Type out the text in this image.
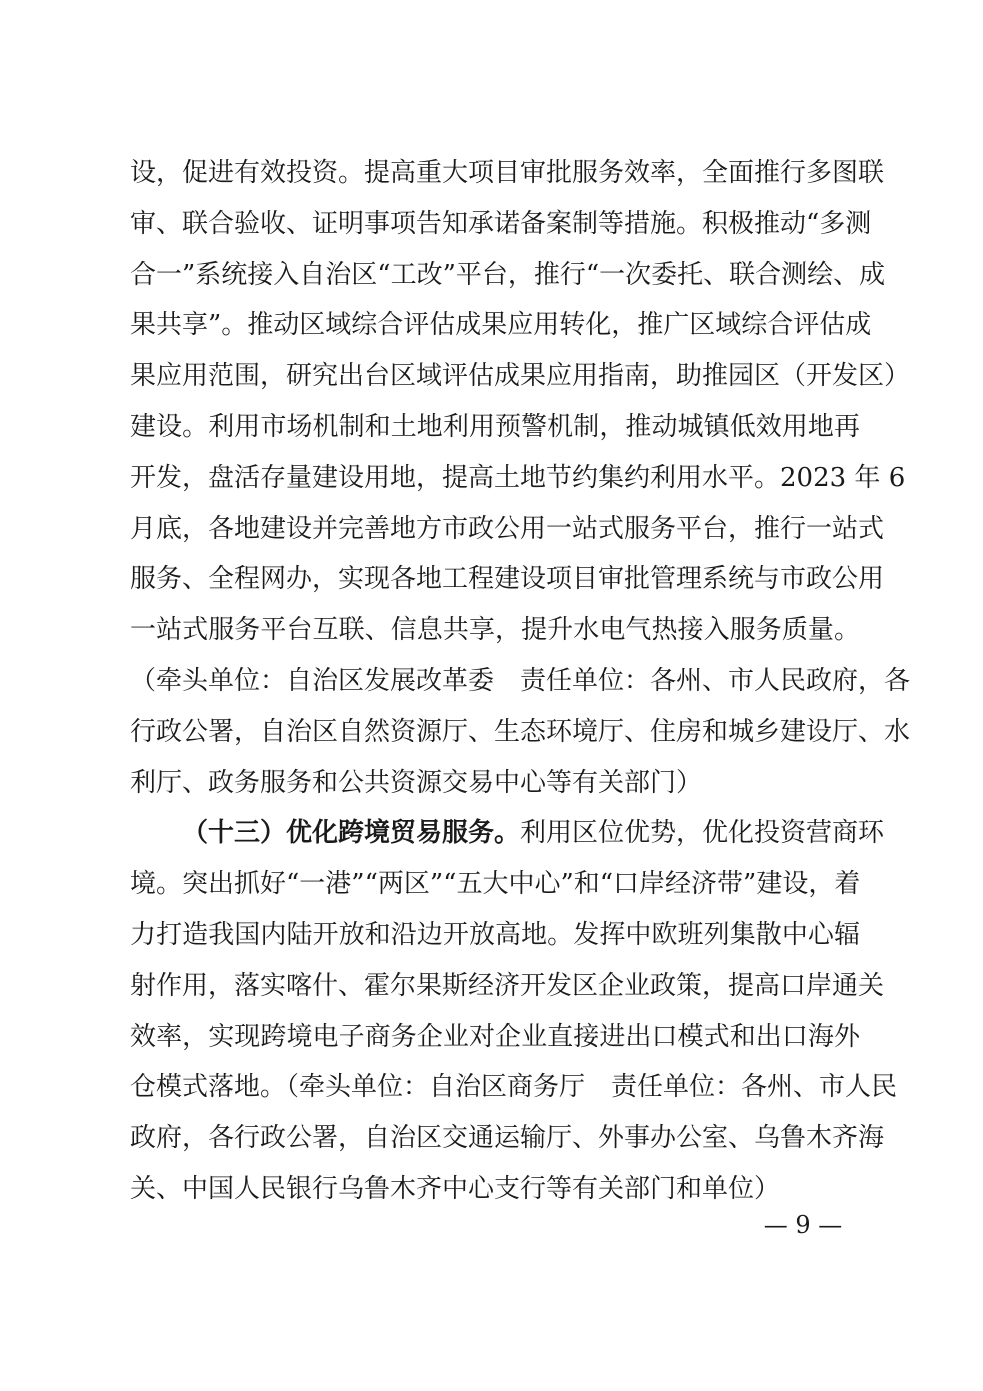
设，促进有效投资。提高重大项目审批服务效率，全面推行多图联
审、联合验收、证明事项告知承诺备案制等措施。积极推动“多测
合一”系统接入自治区“工改”平台，推行“一次委托、联合测绘、成
果共享”。推动区域综合评估成果应用转化，推广区域综合评估成
果应用范围，研究出台区域评估成果应用指南，助推园区（开发区）
建设。利用市场机制和土地利用预警机制，推动城镇低效用地再
开发，盘活存量建设用地，提高土地节约集约利用水平。2023 年 6
月底，各地建设并完善地方市政公用一站式服务平台，推行一站式
服务、全程网办，实现各地工程建设项目审批管理系统与市政公用
一站式服务平台互联、信息共享，提升水电气热接入服务质量。
（牵头单位：自治区发展改革委　责任单位：各州、市人民政府，各
行政公署，自治区自然资源厅、生态环境厅、住房和城乡建设厅、水
利厅、政务服务和公共资源交易中心等有关部门）
（十三）优化跨境贸易服务。利用区位优势，优化投资营商环
境。突出抓好“一港”“两区”“五大中心”和“口岸经济带”建设，着
力打造我国内陆开放和沿边开放高地。发挥中欧班列集散中心辐
射作用，落实喀什、霍尔果斯经济开发区企业政策，提高口岸通关
效率，实现跨境电子商务企业对企业直接进出口模式和出口海外
仓模式落地。（牵头单位：自治区商务厅　责任单位：各州、市人民
政府，各行政公署，自治区交通运输厅、外事办公室、乌鲁木齐海
关、中国人民银行乌鲁木齐中心支行等有关部门和单位）
— 9 —
